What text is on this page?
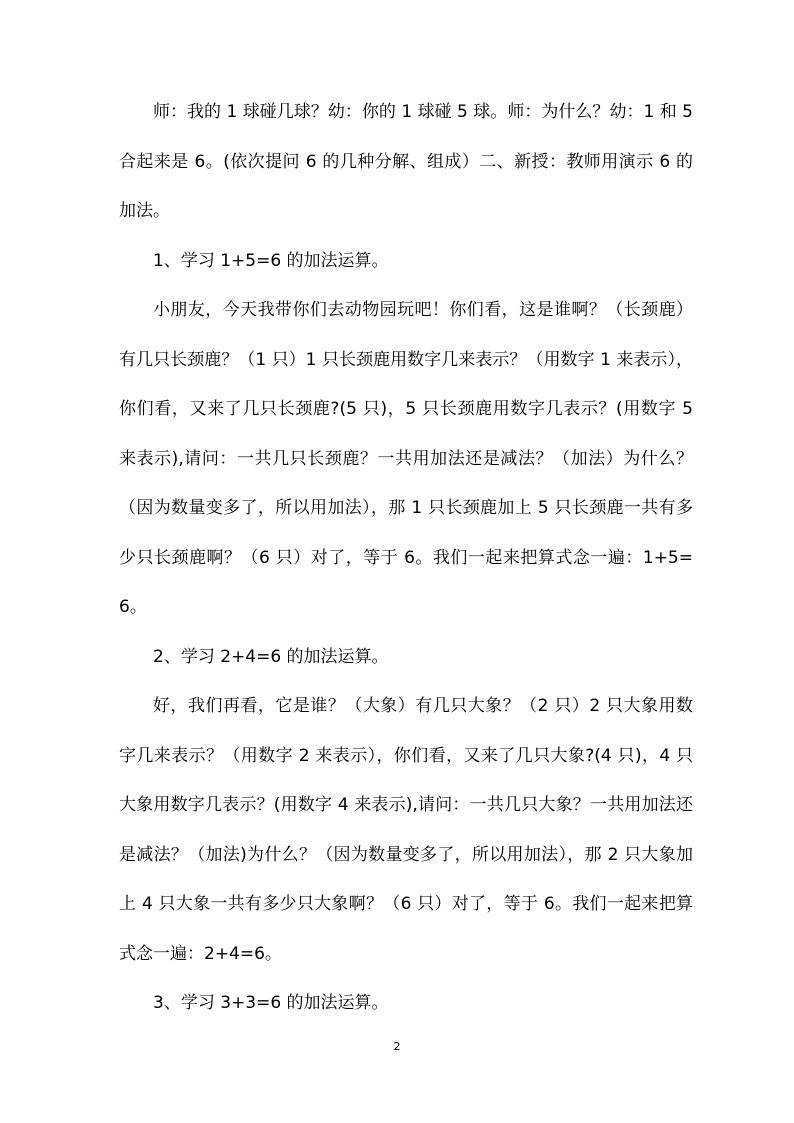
师：我的 1 球碰几球？幼：你的 1 球碰 5 球。师：为什么？幼：1 和 5 合起来是 6。(依次提问 6 的几种分解、组成）二、新授：教师用演示 6 的加法。

1、学习 1+5=6 的加法运算。

小朋友，今天我带你们去动物园玩吧！你们看，这是谁啊？（长颈鹿）有几只长颈鹿？（1 只）1 只长颈鹿用数字几来表示？（用数字 1 来表示），你们看，又来了几只长颈鹿?(5 只)，5 只长颈鹿用数字几表示？(用数字 5 来表示),请问：一共几只长颈鹿？一共用加法还是减法？（加法）为什么？（因为数量变多了，所以用加法），那 1 只长颈鹿加上 5 只长颈鹿一共有多少只长颈鹿啊？（6 只）对了，等于 6。我们一起来把算式念一遍：1+5=6。

2、学习 2+4=6 的加法运算。

好，我们再看，它是谁？（大象）有几只大象？（2 只）2 只大象用数字几来表示？（用数字 2 来表示），你们看，又来了几只大象?(4 只)，4 只大象用数字几表示？(用数字 4 来表示),请问：一共几只大象？一共用加法还是减法？（加法)为什么？（因为数量变多了，所以用加法），那 2 只大象加上 4 只大象一共有多少只大象啊？（6 只）对了，等于 6。我们一起来把算式念一遍：2+4=6。

3、学习 3+3=6 的加法运算。

2
